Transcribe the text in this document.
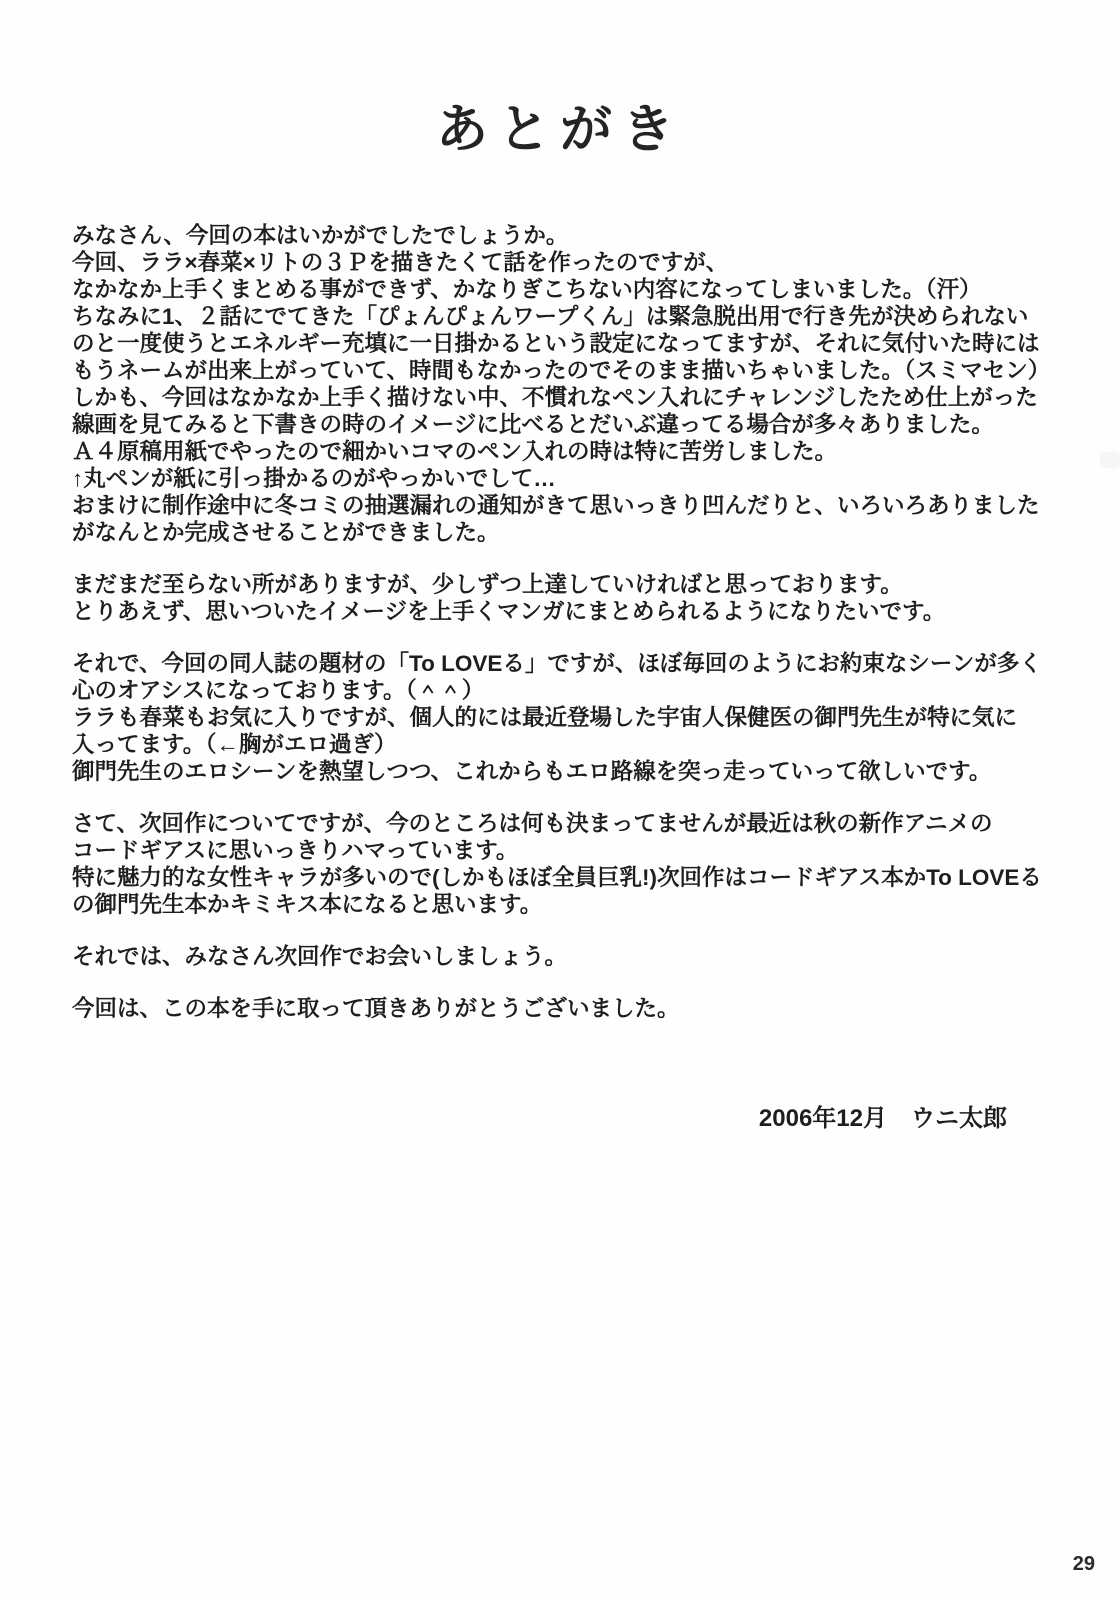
あとがき
みなさん、今回の本はいかがでしたでしょうか。
今回、ララ×春菜×リトの３Ｐを描きたくて話を作ったのですが、
なかなか上手くまとめる事ができず、かなりぎこちない内容になってしまいました。（汗）
ちなみに1、２話にでてきた「ぴょんぴょんワープくん」は緊急脱出用で行き先が決められない
のと一度使うとエネルギー充填に一日掛かるという設定になってますが、それに気付いた時には
もうネームが出来上がっていて、時間もなかったのでそのまま描いちゃいました。（スミマセン）
しかも、今回はなかなか上手く描けない中、不慣れなペン入れにチャレンジしたため仕上がった
線画を見てみると下書きの時のイメージに比べるとだいぶ違ってる場合が多々ありました。
Ａ４原稿用紙でやったので細かいコマのペン入れの時は特に苦労しました。
↑丸ペンが紙に引っ掛かるのがやっかいでして…
おまけに制作途中に冬コミの抽選漏れの通知がきて思いっきり凹んだりと、いろいろありました
がなんとか完成させることができました。
まだまだ至らない所がありますが、少しずつ上達していければと思っております。
とりあえず、思いついたイメージを上手くマンガにまとめられるようになりたいです。
それで、今回の同人誌の題材の「To LOVEる」ですが、ほぼ毎回のようにお約束なシーンが多く
心のオアシスになっております。（＾＾）
ララも春菜もお気に入りですが、個人的には最近登場した宇宙人保健医の御門先生が特に気に
入ってます。（←胸がエロ過ぎ）
御門先生のエロシーンを熱望しつつ、これからもエロ路線を突っ走っていって欲しいです。
さて、次回作についてですが、今のところは何も決まってませんが最近は秋の新作アニメの
コードギアスに思いっきりハマっています。
特に魅力的な女性キャラが多いので(しかもほぼ全員巨乳!)次回作はコードギアス本かTo LOVEる
の御門先生本かキミキス本になると思います。
それでは、みなさん次回作でお会いしましょう。
今回は、この本を手に取って頂きありがとうございました。
2006年12月　ウニ太郎
29
